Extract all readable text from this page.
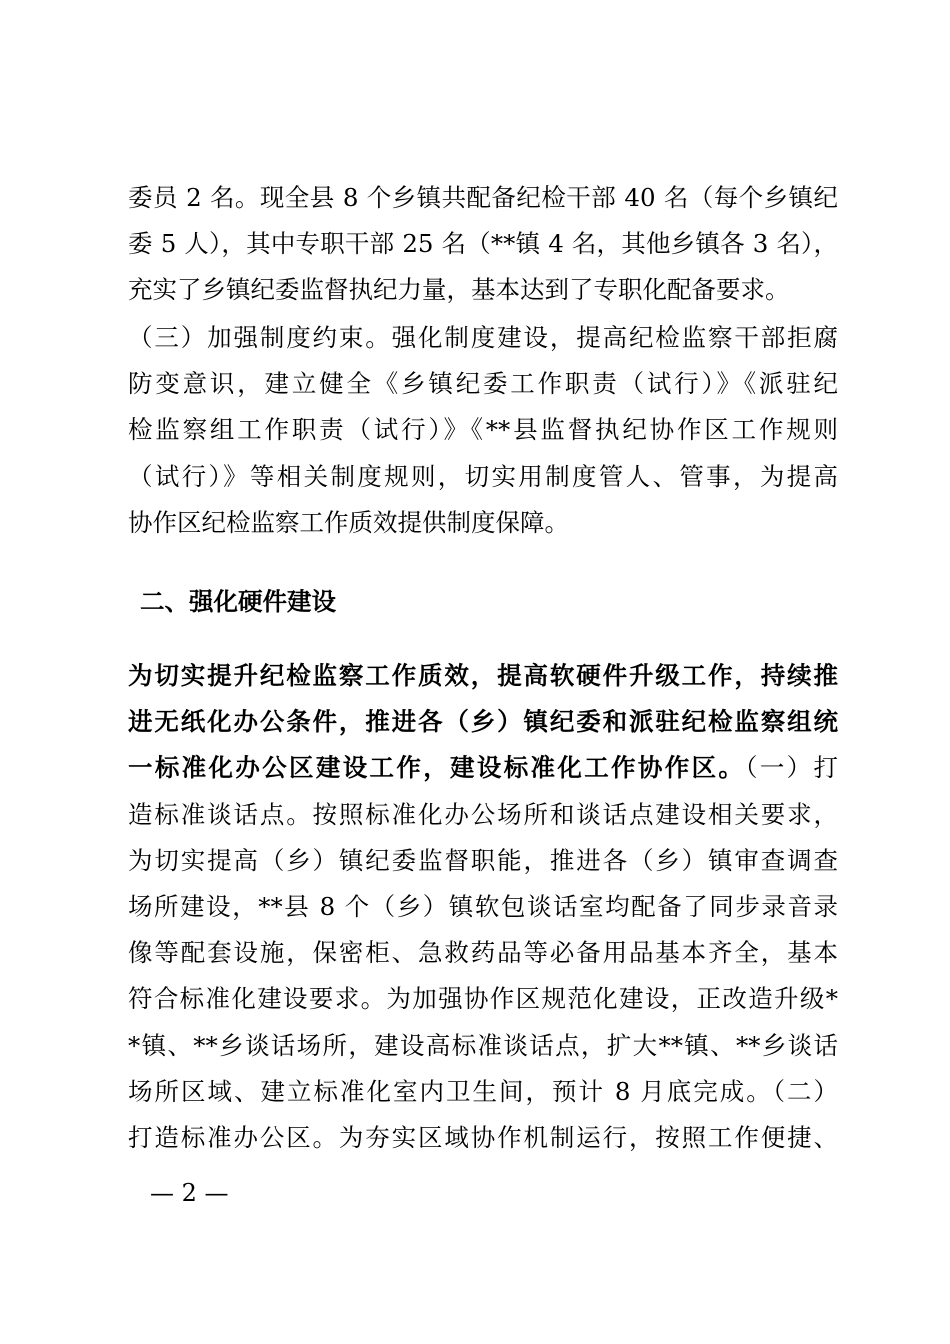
委员 2 名。现全县 8 个乡镇共配备纪检干部 40 名（每个乡镇纪
委 5 人），其中专职干部 25 名（**镇 4 名，其他乡镇各 3 名），
充实了乡镇纪委监督执纪力量，基本达到了专职化配备要求。
（三）加强制度约束。强化制度建设，提高纪检监察干部拒腐
防变意识，建立健全《乡镇纪委工作职责（试行）》《派驻纪
检监察组工作职责（试行）》《**县监督执纪协作区工作规则
（试行）》等相关制度规则，切实用制度管人、管事，为提高
协作区纪检监察工作质效提供制度保障。
二、强化硬件建设
为切实提升纪检监察工作质效，提高软硬件升级工作，持续推
进无纸化办公条件，推进各（乡）镇纪委和派驻纪检监察组统
一标准化办公区建设工作，建设标准化工作协作区。（一）打
造标准谈话点。按照标准化办公场所和谈话点建设相关要求，
为切实提高（乡）镇纪委监督职能，推进各（乡）镇审查调查
场所建设，**县 8 个（乡）镇软包谈话室均配备了同步录音录
像等配套设施，保密柜、急救药品等必备用品基本齐全，基本
符合标准化建设要求。为加强协作区规范化建设，正改造升级*
*镇、**乡谈话场所，建设高标准谈话点，扩大**镇、**乡谈话
场所区域、建立标准化室内卫生间，预计 8 月底完成。（二）
打造标准办公区。为夯实区域协作机制运行，按照工作便捷、
— 2 —
